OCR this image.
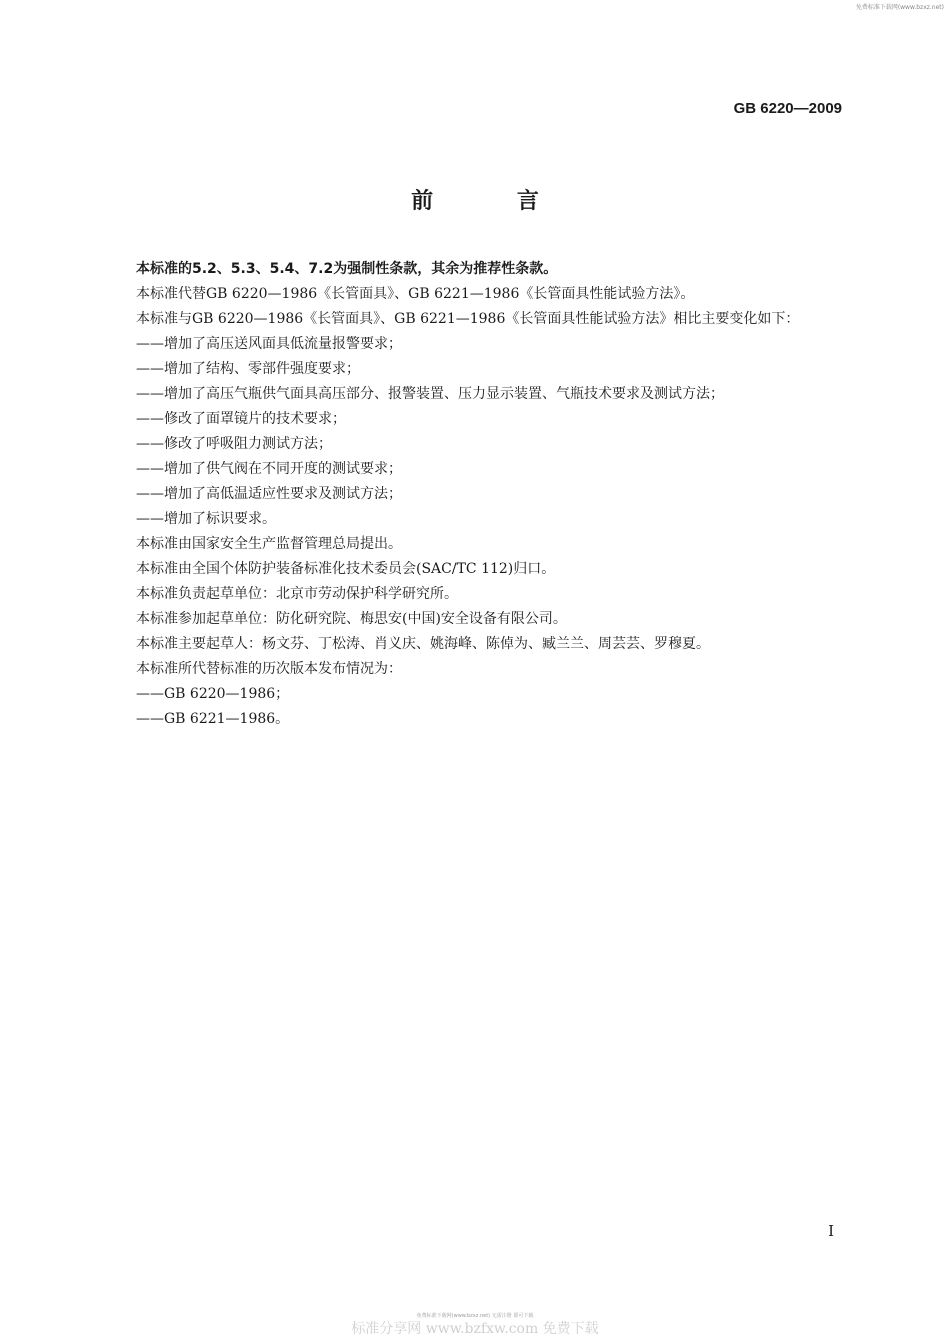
免费标准下载网(www.bzxz.net)
GB 6220—2009
前 言
本标准的5.2、5.3、5.4、7.2为强制性条款，其余为推荐性条款。
本标准代替GB 6220—1986《长管面具》、GB 6221—1986《长管面具性能试验方法》。
本标准与GB 6220—1986《长管面具》、GB 6221—1986《长管面具性能试验方法》相比主要变化如下：
——增加了高压送风面具低流量报警要求；
——增加了结构、零部件强度要求；
——增加了高压气瓶供气面具高压部分、报警装置、压力显示装置、气瓶技术要求及测试方法；
——修改了面罩镜片的技术要求；
——修改了呼吸阻力测试方法；
——增加了供气阀在不同开度的测试要求；
——增加了高低温适应性要求及测试方法；
——增加了标识要求。
本标准由国家安全生产监督管理总局提出。
本标准由全国个体防护装备标准化技术委员会(SAC/TC 112)归口。
本标准负责起草单位：北京市劳动保护科学研究所。
本标准参加起草单位：防化研究院、梅思安(中国)安全设备有限公司。
本标准主要起草人：杨文芬、丁松涛、肖义庆、姚海峰、陈倬为、臧兰兰、周芸芸、罗穆夏。
本标准所代替标准的历次版本发布情况为：
——GB 6220—1986；
——GB 6221—1986。
I
免费标准下载网(www.bzxz.net) 无需注册 即可下载
标准分享网 www.bzfxw.com 免费下载
